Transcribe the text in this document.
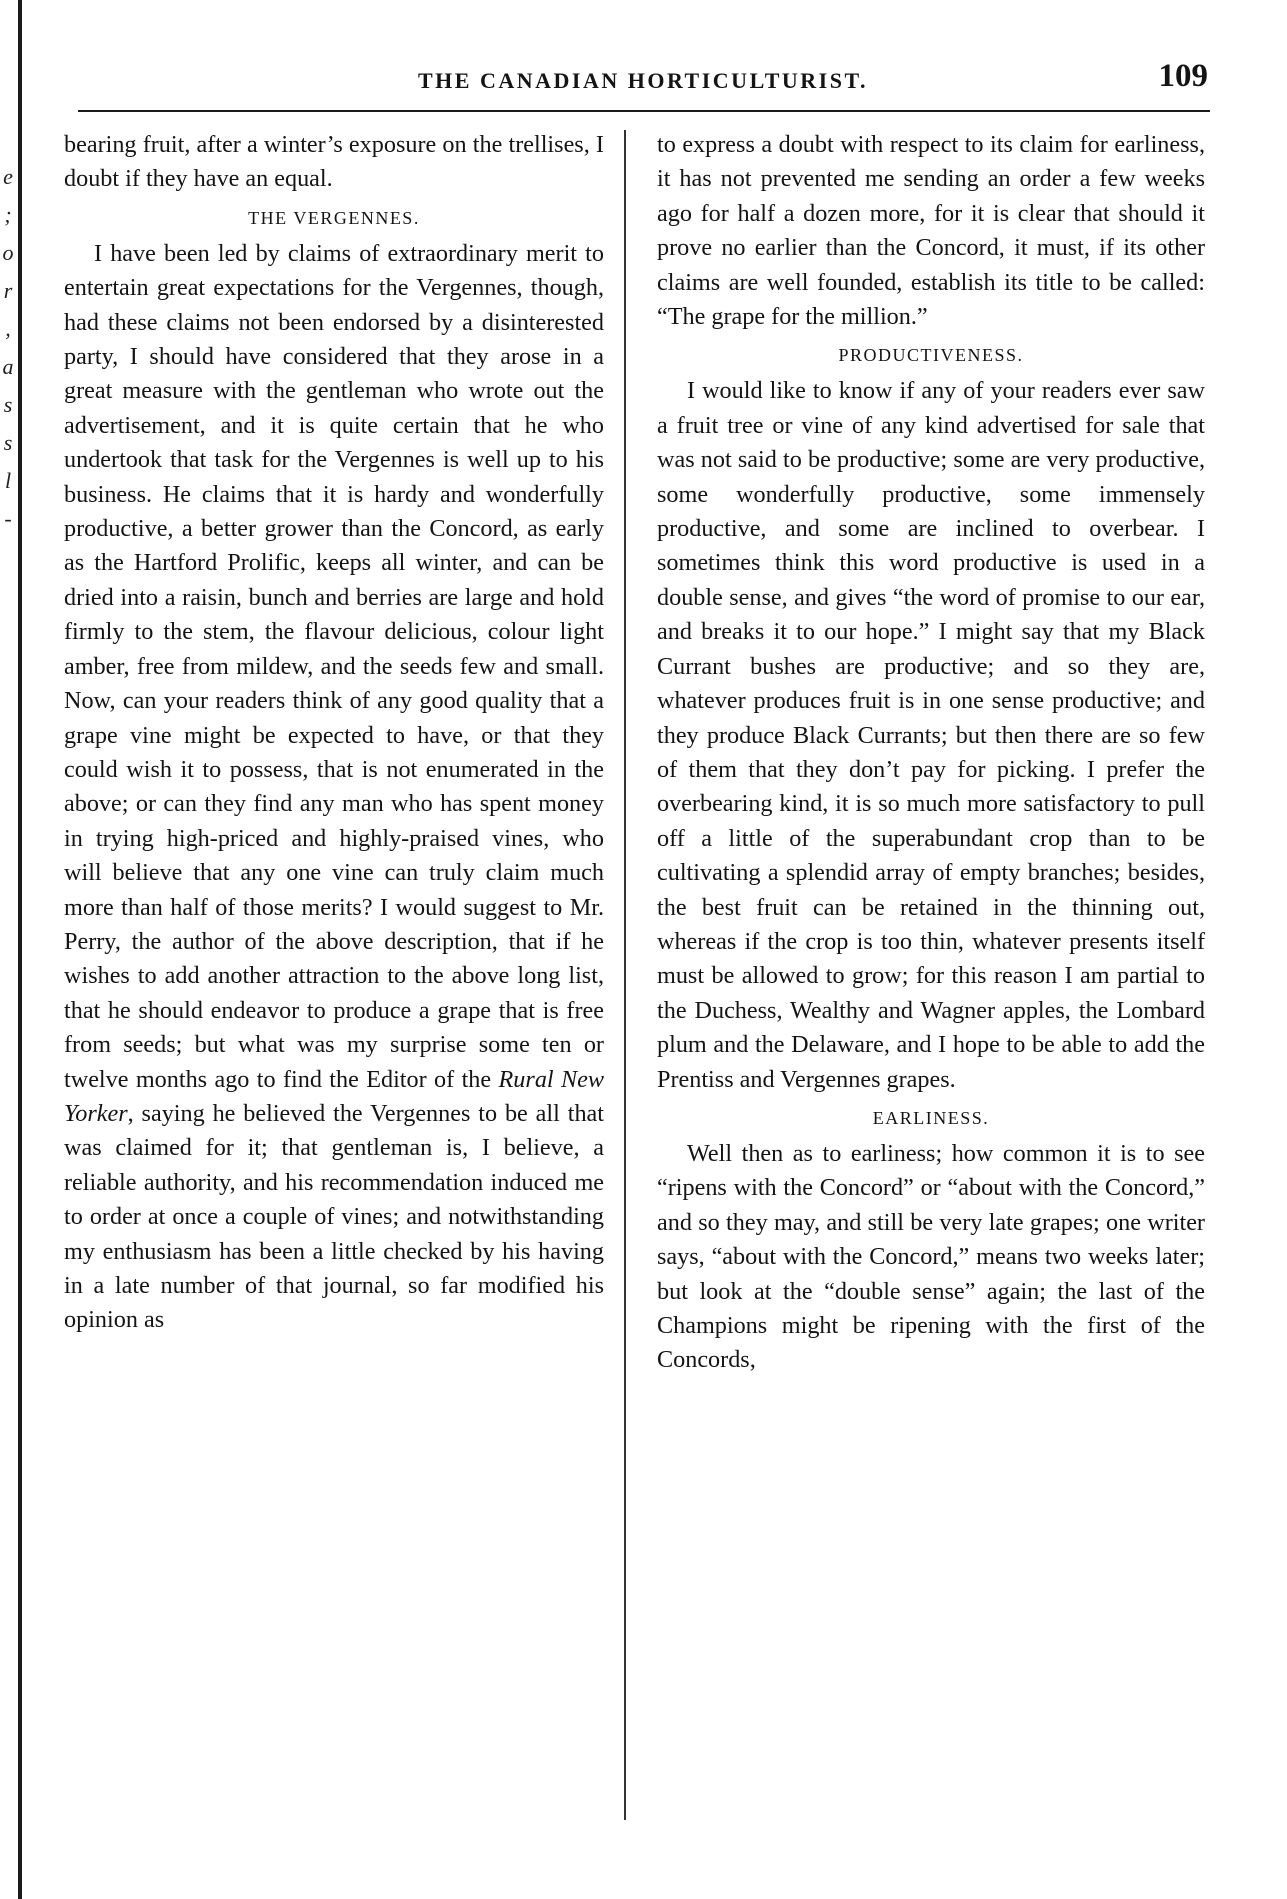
e
;
o
r
,
a
s
s
l
-
THE CANADIAN HORTICULTURIST.	109

bearing fruit, after a winter’s exposure on the trellises, I doubt if they have an equal.

THE VERGENNES.

I have been led by claims of extraordinary merit to entertain great expectations for the Vergennes, though, had these claims not been endorsed by a disinterested party, I should have considered that they arose in a great measure with the gentleman who wrote out the advertisement, and it is quite certain that he who undertook that task for the Vergennes is well up to his business. He claims that it is hardy and wonderfully productive, a better grower than the Concord, as early as the Hartford Prolific, keeps all winter, and can be dried into a raisin, bunch and berries are large and hold firmly to the stem, the flavour delicious, colour light amber, free from mildew, and the seeds few and small. Now, can your readers think of any good quality that a grape vine might be expected to have, or that they could wish it to possess, that is not enumerated in the above; or can they find any man who has spent money in trying high-priced and highly-praised vines, who will believe that any one vine can truly claim much more than half of those merits? I would suggest to Mr. Perry, the author of the above description, that if he wishes to add another attraction to the above long list, that he should endeavor to produce a grape that is free from seeds; but what was my surprise some ten or twelve months ago to find the Editor of the Rural New Yorker, saying he believed the Vergennes to be all that was claimed for it; that gentleman is, I believe, a reliable authority, and his recommendation induced me to order at once a couple of vines; and notwithstanding my enthusiasm has been a little checked by his having in a late number of that journal, so far modified his opinion as

to express a doubt with respect to its claim for earliness, it has not prevented me sending an order a few weeks ago for half a dozen more, for it is clear that should it prove no earlier than the Concord, it must, if its other claims are well founded, establish its title to be called: “The grape for the million.”

PRODUCTIVENESS.

I would like to know if any of your readers ever saw a fruit tree or vine of any kind advertised for sale that was not said to be productive; some are very productive, some wonderfully productive, some immensely productive, and some are inclined to overbear. I sometimes think this word productive is used in a double sense, and gives “the word of promise to our ear, and breaks it to our hope.” I might say that my Black Currant bushes are productive; and so they are, whatever produces fruit is in one sense productive; and they produce Black Currants; but then there are so few of them that they don’t pay for picking. I prefer the overbearing kind, it is so much more satisfactory to pull off a little of the superabundant crop than to be cultivating a splendid array of empty branches; besides, the best fruit can be retained in the thinning out, whereas if the crop is too thin, whatever presents itself must be allowed to grow; for this reason I am partial to the Duchess, Wealthy and Wagner apples, the Lombard plum and the Delaware, and I hope to be able to add the Prentiss and Vergennes grapes.

EARLINESS.

Well then as to earliness; how common it is to see “ripens with the Concord” or “about with the Concord,” and so they may, and still be very late grapes; one writer says, “about with the Concord,” means two weeks later; but look at the “double sense” again; the last of the Champions might be ripening with the first of the Concords,
